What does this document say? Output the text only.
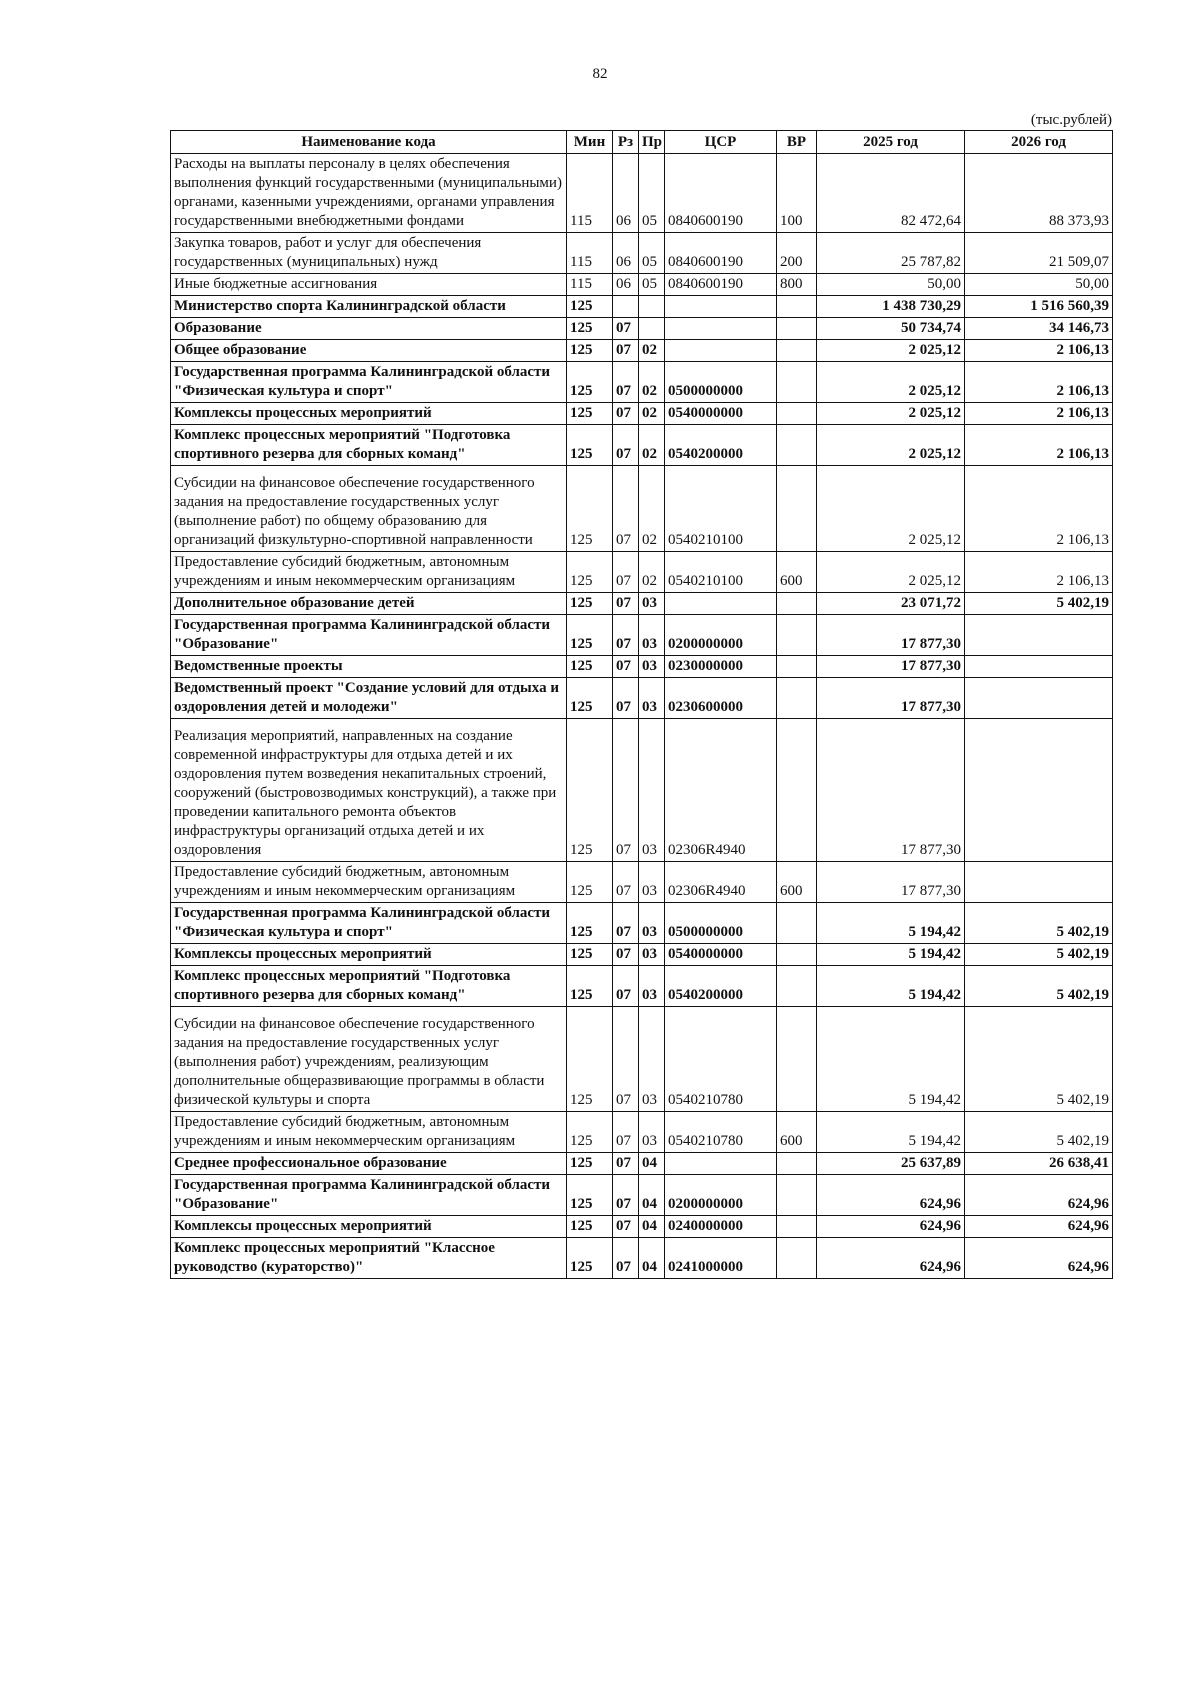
82
(тыс.рублей)
Наименование кода	Мин	Рз	Пр	ЦСР	ВР	2025 год	2026 год
Расходы на выплаты персоналу в целях обеспечения выполнения функций государственными (муниципальными) органами, казенными учреждениями, органами управления государственными внебюджетными фондами	115	06	05	0840600190	100	82 472,64	88 373,93
Закупка товаров, работ и услуг для обеспечения государственных (муниципальных) нужд	115	06	05	0840600190	200	25 787,82	21 509,07
Иные бюджетные ассигнования	115	06	05	0840600190	800	50,00	50,00
Министерство спорта Калининградской области	125					1 438 730,29	1 516 560,39
Образование	125	07				50 734,74	34 146,73
Общее образование	125	07	02			2 025,12	2 106,13
Государственная программа Калининградской области "Физическая культура и спорт"	125	07	02	0500000000		2 025,12	2 106,13
Комплексы процессных мероприятий	125	07	02	0540000000		2 025,12	2 106,13
Комплекс процессных мероприятий "Подготовка спортивного резерва для сборных команд"	125	07	02	0540200000		2 025,12	2 106,13
Субсидии на финансовое обеспечение государственного задания на предоставление государственных услуг (выполнение работ) по общему образованию для организаций физкультурно-спортивной направленности	125	07	02	0540210100		2 025,12	2 106,13
Предоставление субсидий бюджетным, автономным учреждениям и иным некоммерческим организациям	125	07	02	0540210100	600	2 025,12	2 106,13
Дополнительное образование детей	125	07	03			23 071,72	5 402,19
Государственная программа Калининградской области "Образование"	125	07	03	0200000000		17 877,30	
Ведомственные проекты	125	07	03	0230000000		17 877,30	
Ведомственный проект "Создание условий для отдыха и оздоровления детей и молодежи"	125	07	03	0230600000		17 877,30	
Реализация мероприятий, направленных на создание современной инфраструктуры для отдыха детей и их оздоровления путем возведения некапитальных строений, сооружений (быстровозводимых конструкций), а также при проведении капитального ремонта объектов инфраструктуры организаций отдыха детей и их оздоровления	125	07	03	02306R4940		17 877,30	
Предоставление субсидий бюджетным, автономным учреждениям и иным некоммерческим организациям	125	07	03	02306R4940	600	17 877,30	
Государственная программа Калининградской области "Физическая культура и спорт"	125	07	03	0500000000		5 194,42	5 402,19
Комплексы процессных мероприятий	125	07	03	0540000000		5 194,42	5 402,19
Комплекс процессных мероприятий "Подготовка спортивного резерва для сборных команд"	125	07	03	0540200000		5 194,42	5 402,19
Субсидии на финансовое обеспечение государственного задания на предоставление государственных услуг (выполнения работ) учреждениям, реализующим дополнительные общеразвивающие программы в области физической культуры и спорта	125	07	03	0540210780		5 194,42	5 402,19
Предоставление субсидий бюджетным, автономным учреждениям и иным некоммерческим организациям	125	07	03	0540210780	600	5 194,42	5 402,19
Среднее профессиональное образование	125	07	04			25 637,89	26 638,41
Государственная программа Калининградской области "Образование"	125	07	04	0200000000		624,96	624,96
Комплексы процессных мероприятий	125	07	04	0240000000		624,96	624,96
Комплекс процессных мероприятий "Классное руководство (кураторство)"	125	07	04	0241000000		624,96	624,96
